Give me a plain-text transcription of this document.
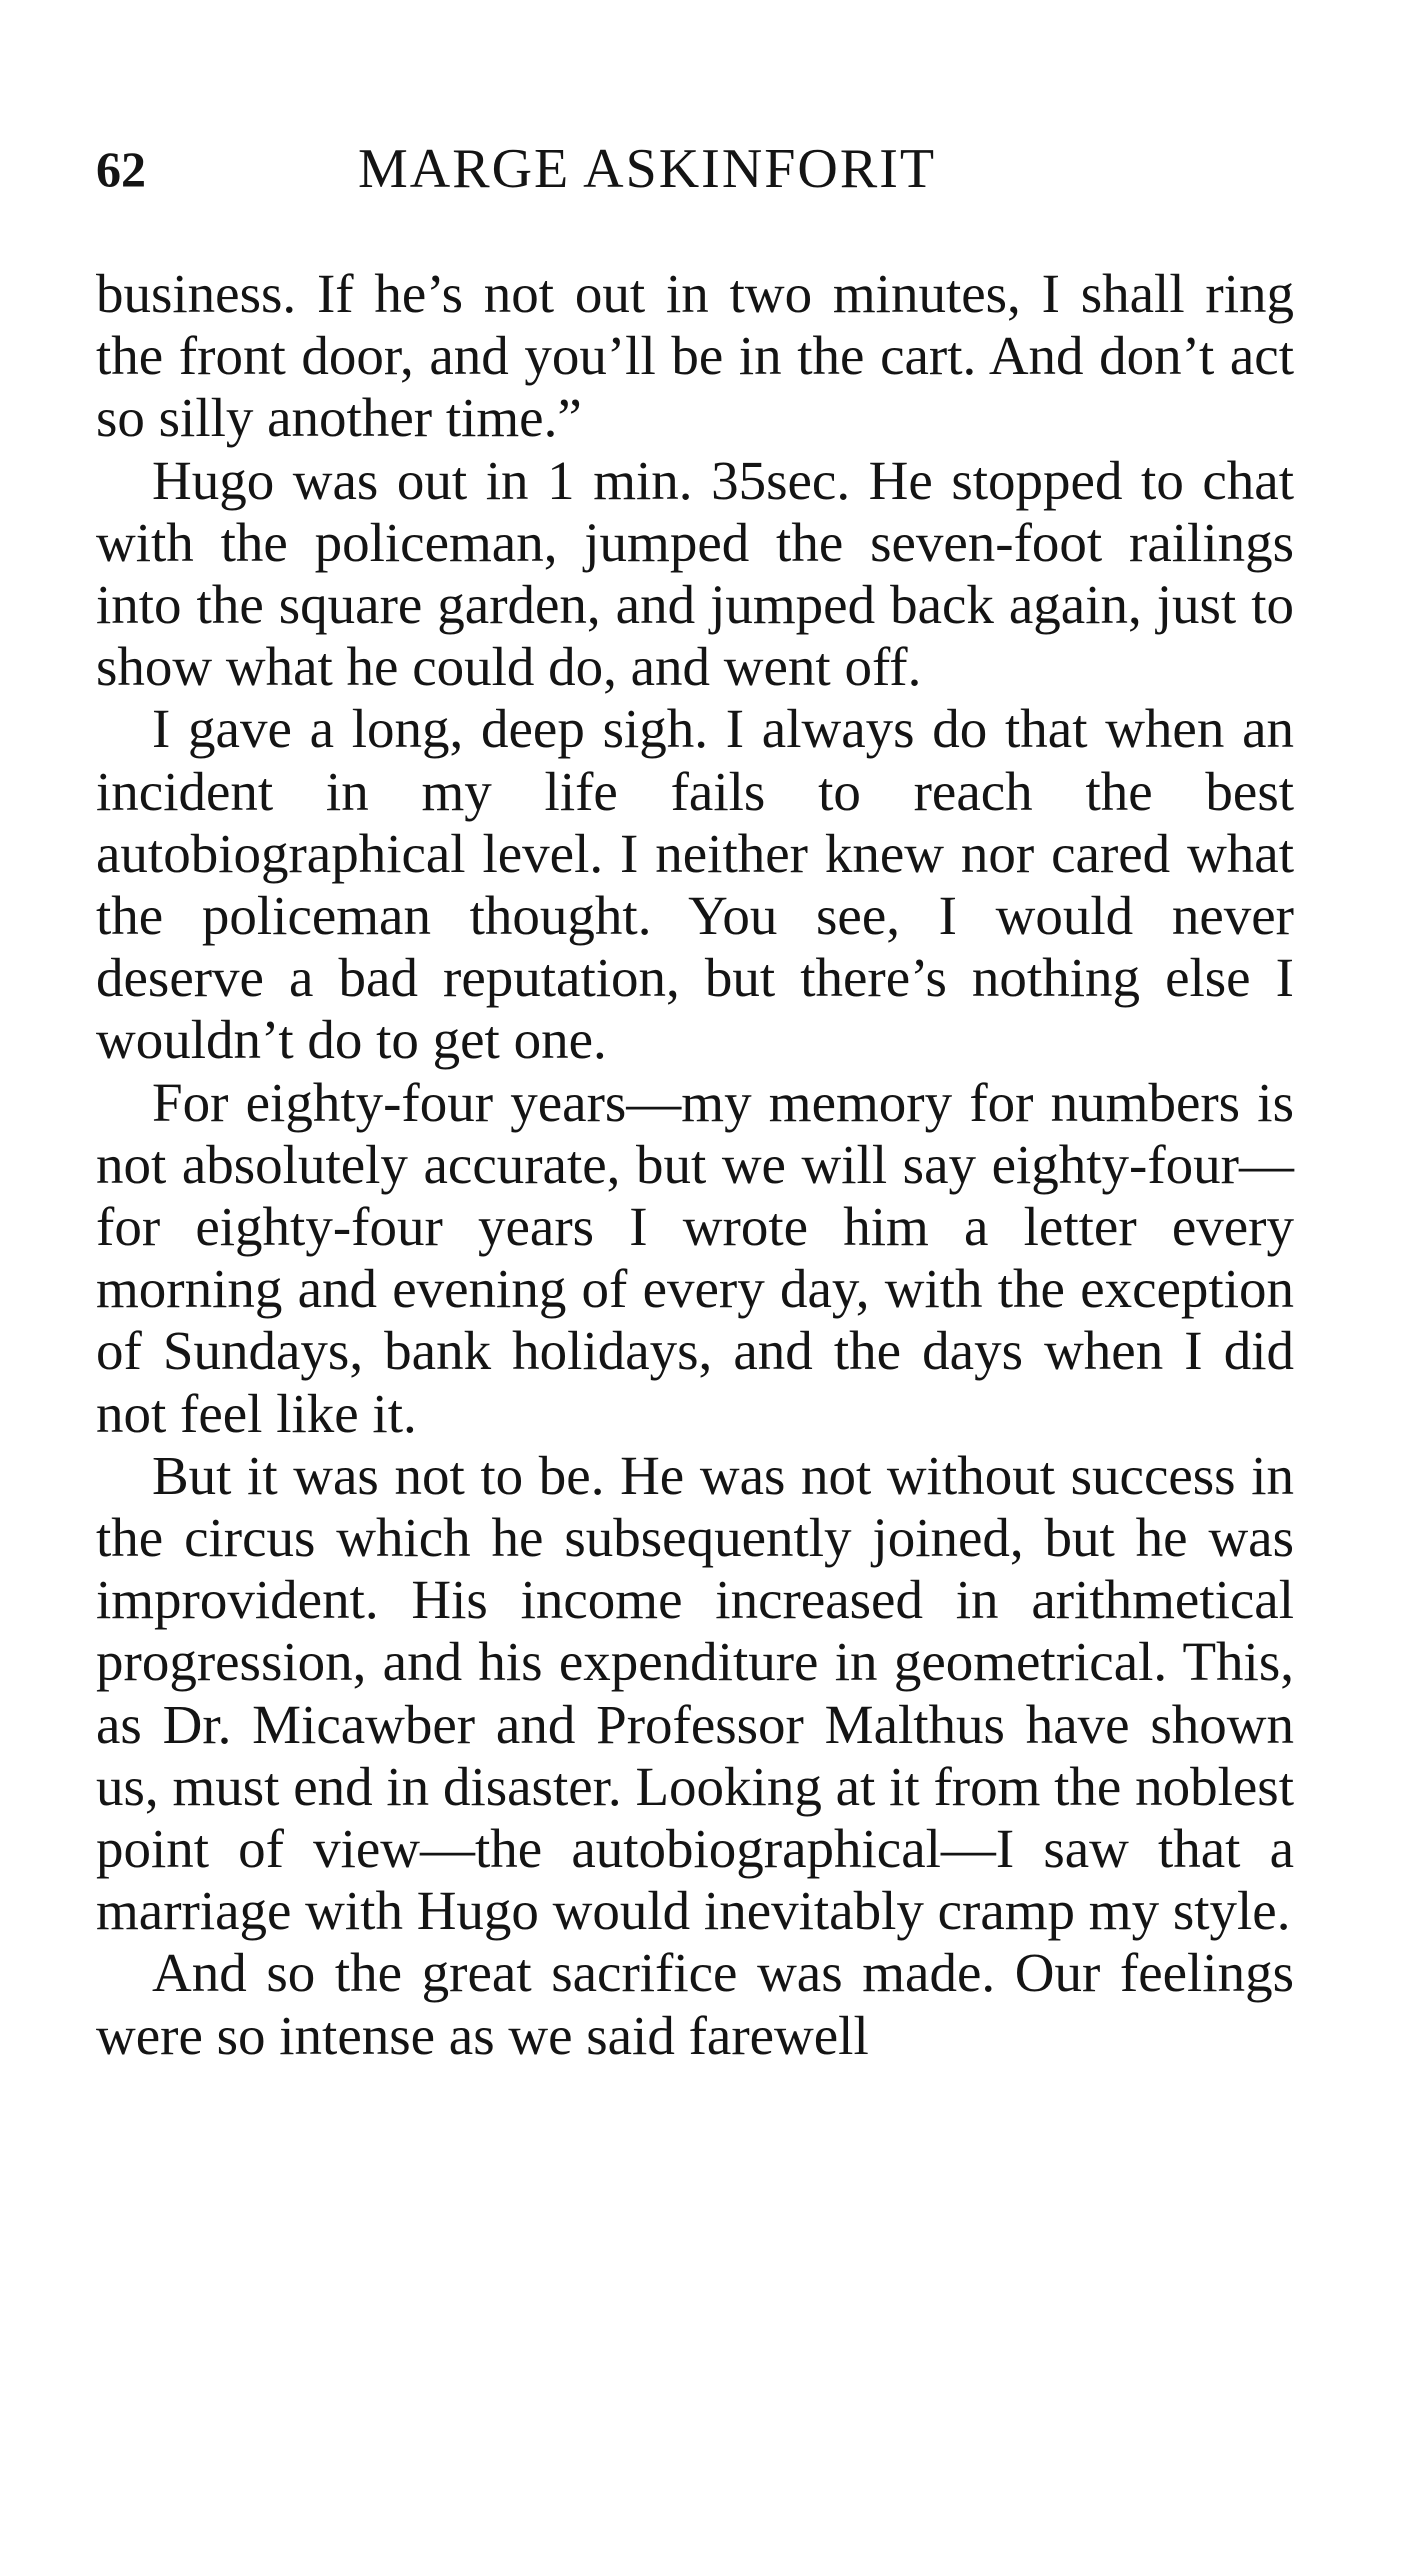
62	MARGE ASKINFORIT

business. If he’s not out in two minutes, I shall ring the front door, and you’ll be in the cart. And don’t act so silly another time.”

Hugo was out in 1 min. 35sec. He stopped to chat with the policeman, jumped the seven-foot railings into the square garden, and jumped back again, just to show what he could do, and went off.

I gave a long, deep sigh. I always do that when an incident in my life fails to reach the best autobiographical level. I neither knew nor cared what the policeman thought. You see, I would never deserve a bad reputation, but there’s nothing else I wouldn’t do to get one.

For eighty-four years—my memory for numbers is not absolutely accurate, but we will say eighty-four—for eighty-four years I wrote him a letter every morning and evening of every day, with the exception of Sundays, bank holidays, and the days when I did not feel like it.

But it was not to be. He was not without success in the circus which he subsequently joined, but he was improvident. His income increased in arithmetical progression, and his expenditure in geometrical. This, as Dr. Micawber and Professor Malthus have shown us, must end in disaster. Looking at it from the noblest point of view—the autobiographical—I saw that a marriage with Hugo would inevitably cramp my style.

And so the great sacrifice was made. Our feelings were so intense as we said farewell
